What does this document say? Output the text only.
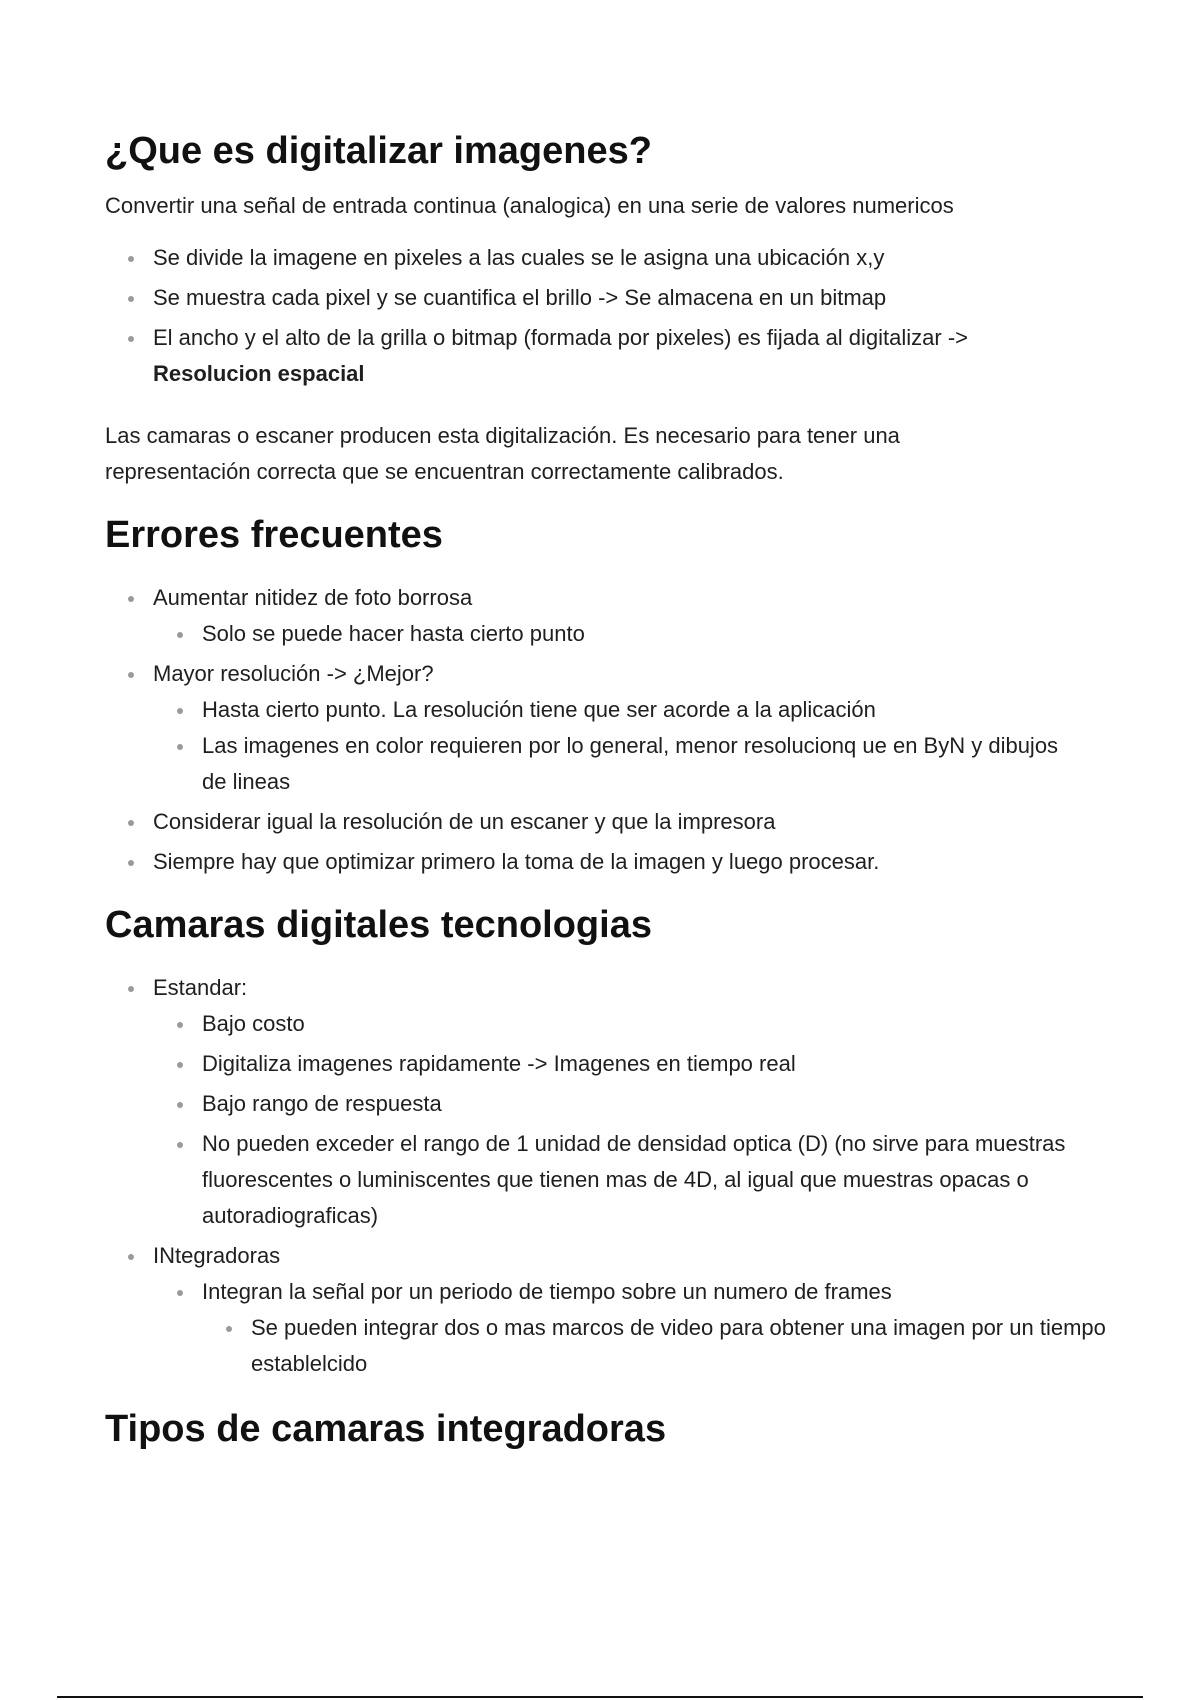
¿Que es digitalizar imagenes?

Convertir una señal de entrada continua (analogica) en una serie de valores numericos

Se divide la imagene en pixeles a las cuales se le asigna una ubicación x,y
Se muestra cada pixel y se cuantifica el brillo -> Se almacena en un bitmap
El ancho y el alto de la grilla o bitmap (formada por pixeles) es fijada al digitalizar ->
Resolucion espacial

Las camaras o escaner producen esta digitalización. Es necesario para tener una representación correcta que se encuentran correctamente calibrados.

Errores frecuentes
Aumentar nitidez de foto borrosa
Solo se puede hacer hasta cierto punto
Mayor resolución -> ¿Mejor?
Hasta cierto punto. La resolución tiene que ser acorde a la aplicación
Las imagenes en color requieren por lo general, menor resolucionq ue en ByN y dibujos de lineas
Considerar igual la resolución de un escaner y que la impresora
Siempre hay que optimizar primero la toma de la imagen y luego procesar.
Camaras digitales tecnologias
Estandar:
Bajo costo
Digitaliza imagenes rapidamente -> Imagenes en tiempo real
Bajo rango de respuesta
No pueden exceder el rango de 1 unidad de densidad optica (D) (no sirve para muestras fluorescentes o luminiscentes que tienen mas de 4D, al igual que muestras opacas o autoradiograficas)
INtegradoras
Integran la señal por un periodo de tiempo sobre un numero de frames
Se pueden integrar dos o mas marcos de video para obtener una imagen por un tiempo establelcido
Tipos de camaras integradoras
